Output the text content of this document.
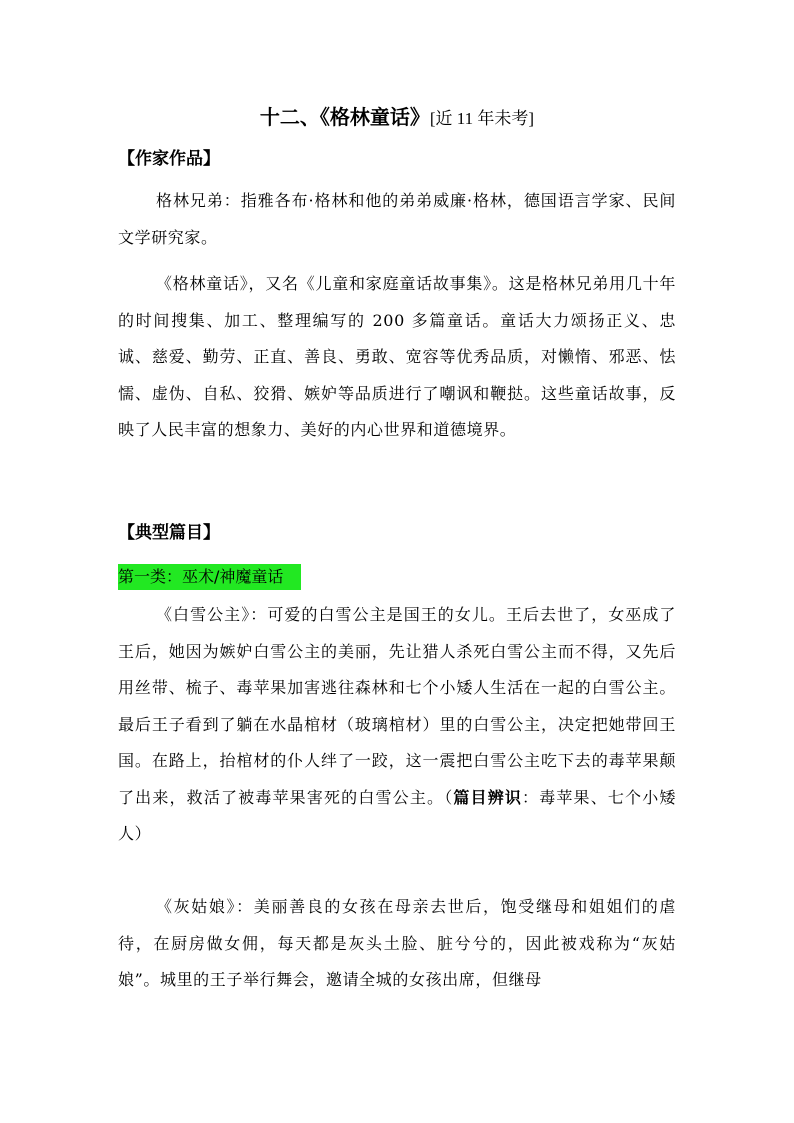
十二、《格林童话》[近 11 年未考]
【作家作品】
格林兄弟：指雅各布·格林和他的弟弟威廉·格林，德国语言学家、民间文学研究家。
《格林童话》，又名《儿童和家庭童话故事集》。这是格林兄弟用几十年的时间搜集、加工、整理编写的 200 多篇童话。童话大力颂扬正义、忠诚、慈爱、勤劳、正直、善良、勇敢、宽容等优秀品质，对懒惰、邪恶、怯懦、虚伪、自私、狡猾、嫉妒等品质进行了嘲讽和鞭挞。这些童话故事，反映了人民丰富的想象力、美好的内心世界和道德境界。
【典型篇目】
第一类：巫术/神魔童话
《白雪公主》：可爱的白雪公主是国王的女儿。王后去世了，女巫成了王后，她因为嫉妒白雪公主的美丽，先让猎人杀死白雪公主而不得，又先后用丝带、梳子、毒苹果加害逃往森林和七个小矮人生活在一起的白雪公主。最后王子看到了躺在水晶棺材（玻璃棺材）里的白雪公主，决定把她带回王国。在路上，抬棺材的仆人绊了一跤，这一震把白雪公主吃下去的毒苹果颠了出来，救活了被毒苹果害死的白雪公主。（篇目辨识：毒苹果、七个小矮人）
《灰姑娘》：美丽善良的女孩在母亲去世后，饱受继母和姐姐们的虐待，在厨房做女佣，每天都是灰头土脸、脏兮兮的，因此被戏称为“灰姑娘”。城里的王子举行舞会，邀请全城的女孩出席，但继母
